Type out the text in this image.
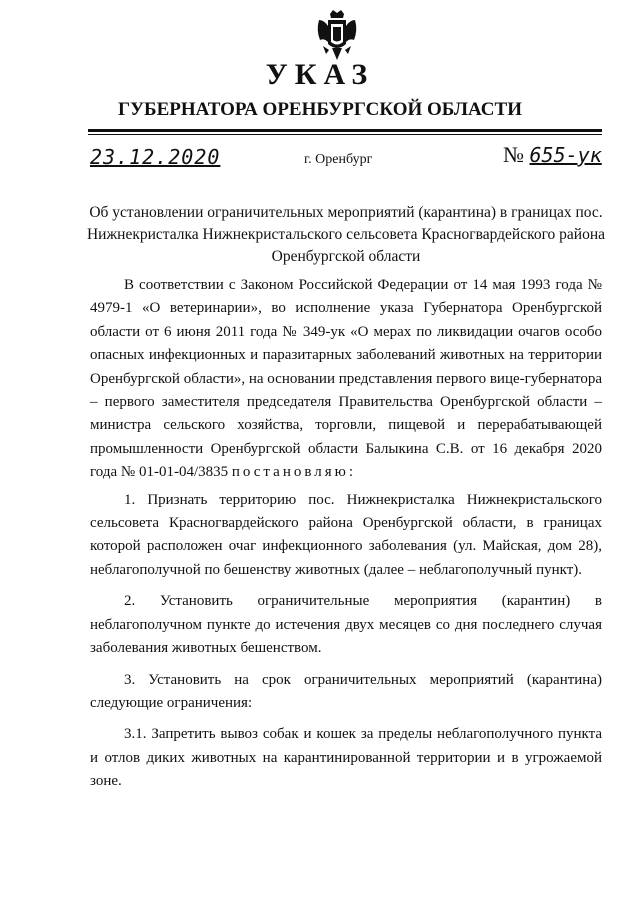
УКАЗ
ГУБЕРНАТОРА ОРЕНБУРГСКОЙ ОБЛАСТИ
23.12.2020	г. Оренбург	№ 655-ук
Об установлении ограничительных мероприятий (карантина) в границах пос. Нижнекристалка Нижнекристальского сельсовета Красногвардейского района Оренбургской области

В соответствии с Законом Российской Федерации от 14 мая 1993 года № 4979-1 «О ветеринарии», во исполнение указа Губернатора Оренбургской области от 6 июня 2011 года № 349-ук «О мерах по ликвидации очагов особо опасных инфекционных и паразитарных заболеваний животных на территории Оренбургской области», на основании представления первого вице-губернатора – первого заместителя председателя Правительства Оренбургской области – министра сельского хозяйства, торговли, пищевой и перерабатывающей промышленности Оренбургской области Балыкина С.В. от 16 декабря 2020 года № 01-01-04/3835 постановляю:

1. Признать территорию пос. Нижнекристалка Нижнекристальского сельсовета Красногвардейского района Оренбургской области, в границах которой расположен очаг инфекционного заболевания (ул. Майская, дом 28), неблагополучной по бешенству животных (далее – неблагополучный пункт).

2. Установить ограничительные мероприятия (карантин) в неблагополучном пункте до истечения двух месяцев со дня последнего случая заболевания животных бешенством.

3. Установить на срок ограничительных мероприятий (карантина) следующие ограничения:

3.1. Запретить вывоз собак и кошек за пределы неблагополучного пункта и отлов диких животных на карантинированной территории и в угрожаемой зоне.
